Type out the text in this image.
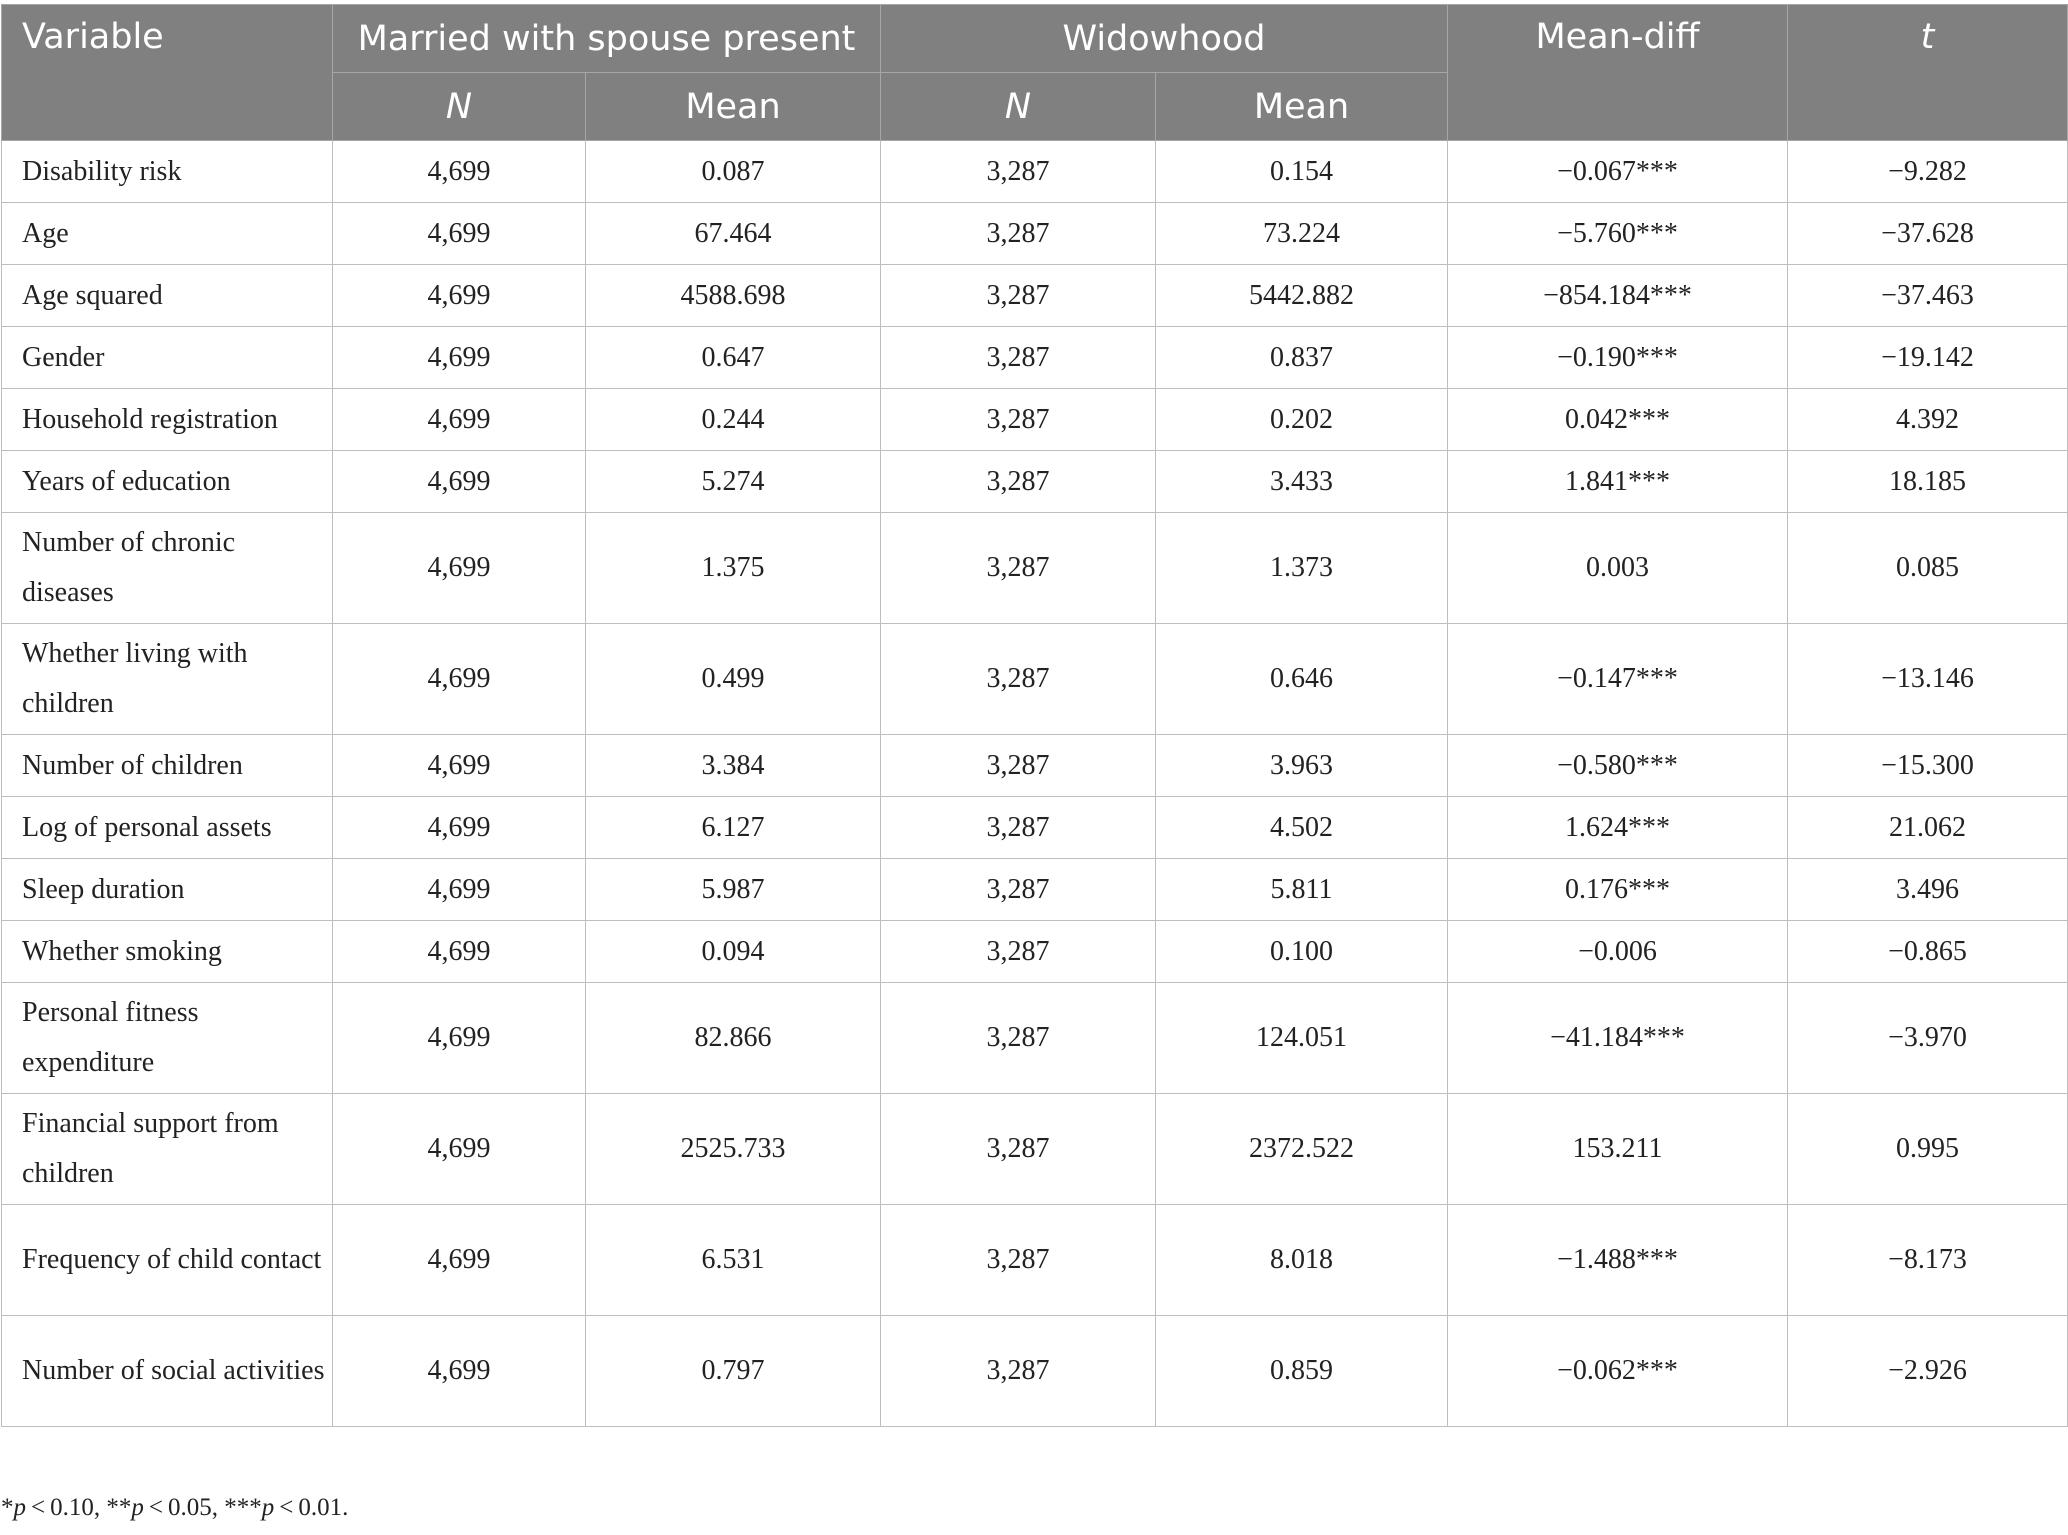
Variable	Married with spouse present		Widowhood		Mean-diff	t
	N	Mean	N	Mean		
Disability risk	4,699	0.087	3,287	0.154	−0.067***	−9.282
Age	4,699	67.464	3,287	73.224	−5.760***	−37.628
Age squared	4,699	4588.698	3,287	5442.882	−854.184***	−37.463
Gender	4,699	0.647	3,287	0.837	−0.190***	−19.142
Household registration	4,699	0.244	3,287	0.202	0.042***	4.392
Years of education	4,699	5.274	3,287	3.433	1.841***	18.185
Number of chronic diseases	4,699	1.375	3,287	1.373	0.003	0.085
Whether living with children	4,699	0.499	3,287	0.646	−0.147***	−13.146
Number of children	4,699	3.384	3,287	3.963	−0.580***	−15.300
Log of personal assets	4,699	6.127	3,287	4.502	1.624***	21.062
Sleep duration	4,699	5.987	3,287	5.811	0.176***	3.496
Whether smoking	4,699	0.094	3,287	0.100	−0.006	−0.865
Personal fitness expenditure	4,699	82.866	3,287	124.051	−41.184***	−3.970
Financial support from children	4,699	2525.733	3,287	2372.522	153.211	0.995
Frequency of child contact	4,699	6.531	3,287	8.018	−1.488***	−8.173
Number of social activities	4,699	0.797	3,287	0.859	−0.062***	−2.926
*p < 0.10, **p < 0.05, ***p < 0.01.
